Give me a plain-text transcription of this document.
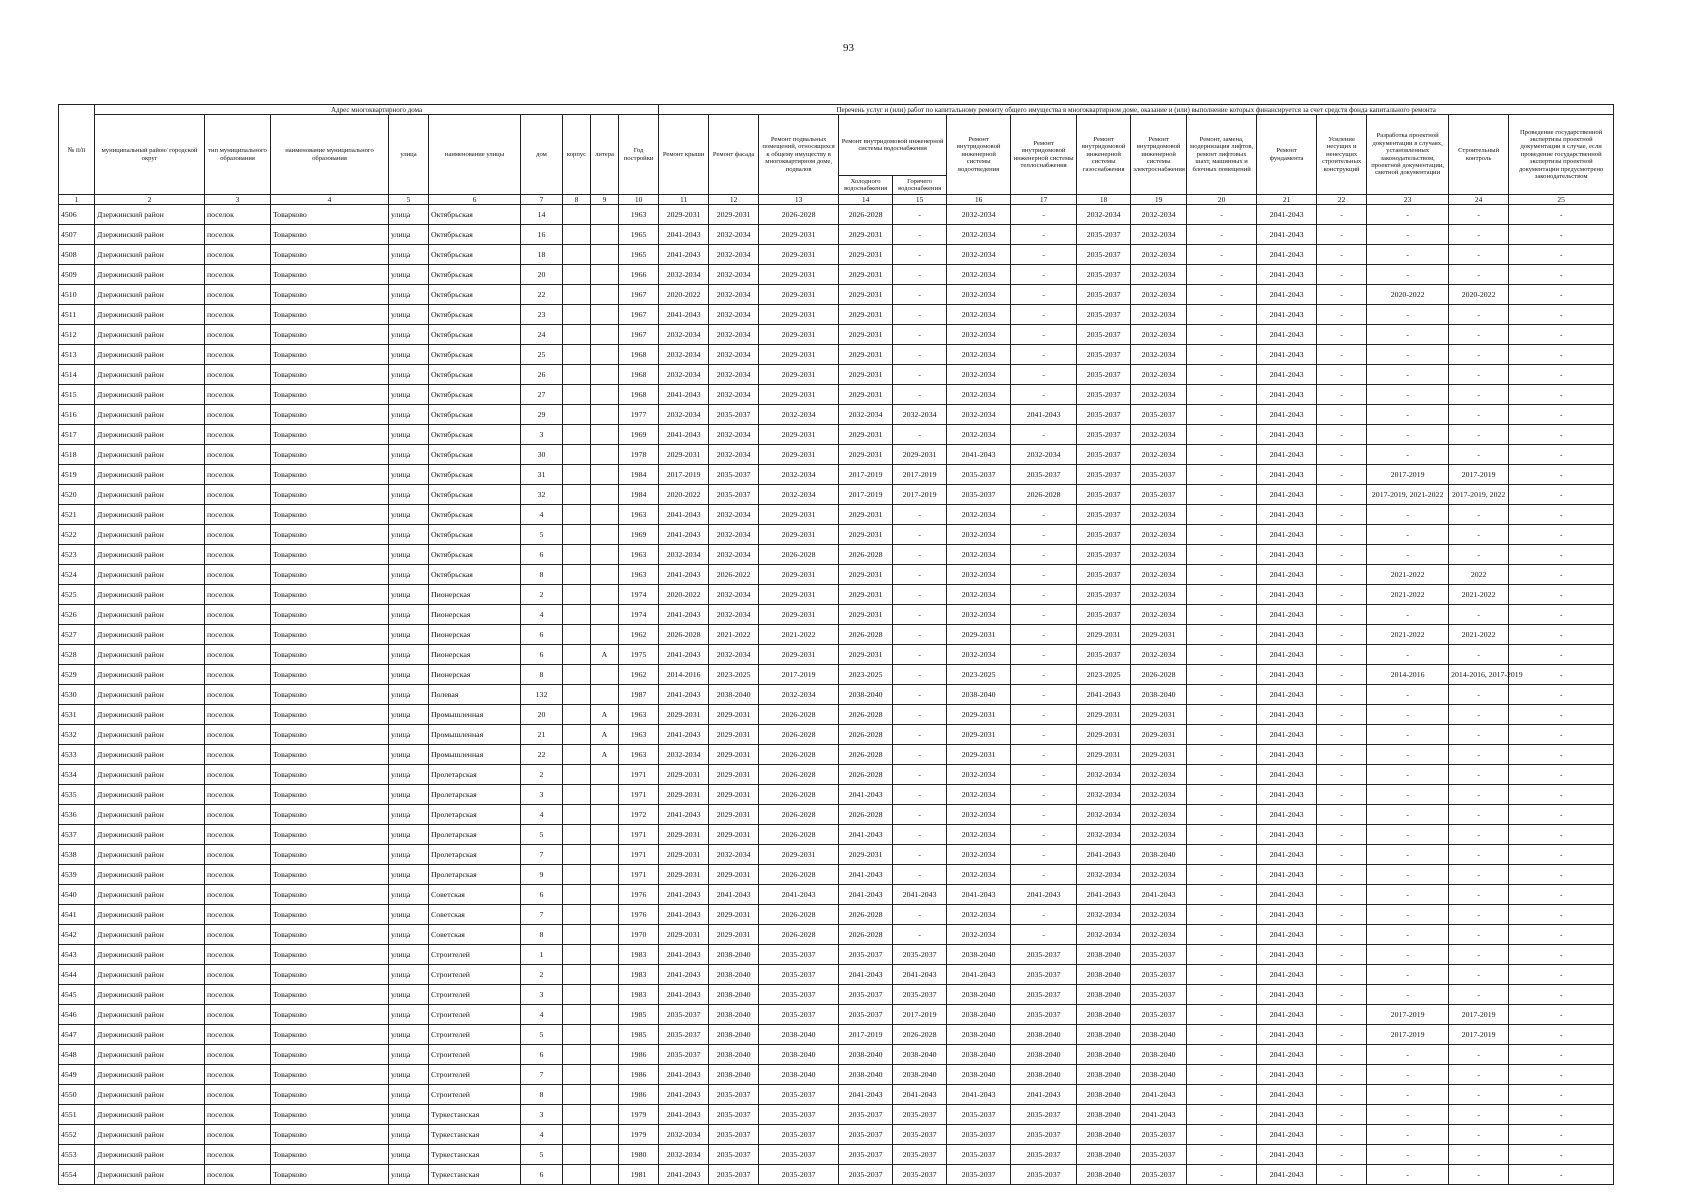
93
№ п/п	Адрес многоквартирного дома									Перечень услуг и (или) работ по капитальному ремонту общего имущества в многоквартирном доме, оказание и (или) выполнение которых финансируется за счет средств фонда капитального ремонта														
	муниципальный район/ городской округ	тип муниципального образования	наименование муниципального образования	улица	наименование улицы	дом	корпус	литера	Год постройки	Ремонт крыши	Ремонт фасада	Ремонт подвальных помещений, относящихся к общему имуществу в многоквартирном доме, подвалов	Ремонт внутридомовой инженерной системы водоснабжения		Ремонт внутридомовой инженерной системы водоотведения	Ремонт внутридомовой инженерной системы теплоснабжения	Ремонт внутридомовой инженерной системы газоснабжения	Ремонт внутридомовой инженерной системы электроснабжения	Ремонт, замена, модернизация лифтов, ремонт лифтовых шахт, машинных и блочных помещений	Ремонт фундамента	Усиление несущих и ненесущих строительных конструкций	Разработка проектной документации в случаях, установленных законодательством, проектной документации, сметной документации	Строительный контроль	Проведение государственной экспертизы проектной документации в случае, если проведение государственной экспертизы проектной документации предусмотрено законодательством
													Холодного водоснабжения	Горячего водоснабжения										
1	2	3	4	5	6	7	8	9	10	11	12	13	14	15	16	17	18	19	20	21	22	23	24	25
4506	Дзержинский район	поселок	Товарково	улица	Октябрьская	14			1963	2029-2031	2029-2031	2026-2028	2026-2028	-	2032-2034	-	2032-2034	2032-2034	-	2041-2043	-	-	-	-
4507	Дзержинский район	поселок	Товарково	улица	Октябрьская	16			1965	2041-2043	2032-2034	2029-2031	2029-2031	-	2032-2034	-	2035-2037	2032-2034	-	2041-2043	-	-	-	-
4508	Дзержинский район	поселок	Товарково	улица	Октябрьская	18			1965	2041-2043	2032-2034	2029-2031	2029-2031	-	2032-2034	-	2035-2037	2032-2034	-	2041-2043	-	-	-	-
4509	Дзержинский район	поселок	Товарково	улица	Октябрьская	20			1966	2032-2034	2032-2034	2029-2031	2029-2031	-	2032-2034	-	2035-2037	2032-2034	-	2041-2043	-	-	-	-
4510	Дзержинский район	поселок	Товарково	улица	Октябрьская	22			1967	2020-2022	2032-2034	2029-2031	2029-2031	-	2032-2034	-	2035-2037	2032-2034	-	2041-2043	-	2020-2022	2020-2022	-
4511	Дзержинский район	поселок	Товарково	улица	Октябрьская	23			1967	2041-2043	2032-2034	2029-2031	2029-2031	-	2032-2034	-	2035-2037	2032-2034	-	2041-2043	-	-	-	-
4512	Дзержинский район	поселок	Товарково	улица	Октябрьская	24			1967	2032-2034	2032-2034	2029-2031	2029-2031	-	2032-2034	-	2035-2037	2032-2034	-	2041-2043	-	-	-	-
4513	Дзержинский район	поселок	Товарково	улица	Октябрьская	25			1968	2032-2034	2032-2034	2029-2031	2029-2031	-	2032-2034	-	2035-2037	2032-2034	-	2041-2043	-	-	-	-
4514	Дзержинский район	поселок	Товарково	улица	Октябрьская	26			1968	2032-2034	2032-2034	2029-2031	2029-2031	-	2032-2034	-	2035-2037	2032-2034	-	2041-2043	-	-	-	-
4515	Дзержинский район	поселок	Товарково	улица	Октябрьская	27			1968	2041-2043	2032-2034	2029-2031	2029-2031	-	2032-2034	-	2035-2037	2032-2034	-	2041-2043	-	-	-	-
4516	Дзержинский район	поселок	Товарково	улица	Октябрьская	29			1977	2032-2034	2035-2037	2032-2034	2032-2034	2032-2034	2032-2034	2041-2043	2035-2037	2035-2037	-	2041-2043	-	-	-	-
4517	Дзержинский район	поселок	Товарково	улица	Октябрьская	3			1969	2041-2043	2032-2034	2029-2031	2029-2031	-	2032-2034	-	2035-2037	2032-2034	-	2041-2043	-	-	-	-
4518	Дзержинский район	поселок	Товарково	улица	Октябрьская	30			1978	2029-2031	2032-2034	2029-2031	2029-2031	2029-2031	2041-2043	2032-2034	2035-2037	2032-2034	-	2041-2043	-	-	-	-
4519	Дзержинский район	поселок	Товарково	улица	Октябрьская	31			1984	2017-2019	2035-2037	2032-2034	2017-2019	2017-2019	2035-2037	2035-2037	2035-2037	2035-2037	-	2041-2043	-	2017-2019	2017-2019	-
4520	Дзержинский район	поселок	Товарково	улица	Октябрьская	32			1984	2020-2022	2035-2037	2032-2034	2017-2019	2017-2019	2035-2037	2026-2028	2035-2037	2035-2037	-	2041-2043	-	2017-2019, 2021-2022	2017-2019, 2022	-
4521	Дзержинский район	поселок	Товарково	улица	Октябрьская	4			1963	2041-2043	2032-2034	2029-2031	2029-2031	-	2032-2034	-	2035-2037	2032-2034	-	2041-2043	-	-	-	-
4522	Дзержинский район	поселок	Товарково	улица	Октябрьская	5			1969	2041-2043	2032-2034	2029-2031	2029-2031	-	2032-2034	-	2035-2037	2032-2034	-	2041-2043	-	-	-	-
4523	Дзержинский район	поселок	Товарково	улица	Октябрьская	6			1963	2032-2034	2032-2034	2026-2028	2026-2028	-	2032-2034	-	2035-2037	2032-2034	-	2041-2043	-	-	-	-
4524	Дзержинский район	поселок	Товарково	улица	Октябрьская	8			1963	2041-2043	2026-2022	2029-2031	2029-2031	-	2032-2034	-	2035-2037	2032-2034	-	2041-2043	-	2021-2022	2022	-
4525	Дзержинский район	поселок	Товарково	улица	Пионерская	2			1974	2020-2022	2032-2034	2029-2031	2029-2031	-	2032-2034	-	2035-2037	2032-2034	-	2041-2043	-	2021-2022	2021-2022	-
4526	Дзержинский район	поселок	Товарково	улица	Пионерская	4			1974	2041-2043	2032-2034	2029-2031	2029-2031	-	2032-2034	-	2035-2037	2032-2034	-	2041-2043	-	-	-	-
4527	Дзержинский район	поселок	Товарково	улица	Пионерская	6			1962	2026-2028	2021-2022	2021-2022	2026-2028	-	2029-2031	-	2029-2031	2029-2031	-	2041-2043	-	2021-2022	2021-2022	-
4528	Дзержинский район	поселок	Товарково	улица	Пионерская	6		А	1975	2041-2043	2032-2034	2029-2031	2029-2031	-	2032-2034	-	2035-2037	2032-2034	-	2041-2043	-	-	-	-
4529	Дзержинский район	поселок	Товарково	улица	Пионерская	8			1962	2014-2016	2023-2025	2017-2019	2023-2025	-	2023-2025	-	2023-2025	2026-2028	-	2041-2043	-	2014-2016	2014-2016, 2017-2019	-
4530	Дзержинский район	поселок	Товарково	улица	Полевая	132			1987	2041-2043	2038-2040	2032-2034	2038-2040	-	2038-2040	-	2041-2043	2038-2040	-	2041-2043	-	-	-	-
4531	Дзержинский район	поселок	Товарково	улица	Промышленная	20		А	1963	2029-2031	2029-2031	2026-2028	2026-2028	-	2029-2031	-	2029-2031	2029-2031	-	2041-2043	-	-	-	-
4532	Дзержинский район	поселок	Товарково	улица	Промышленная	21		А	1963	2041-2043	2029-2031	2026-2028	2026-2028	-	2029-2031	-	2029-2031	2029-2031	-	2041-2043	-	-	-	-
4533	Дзержинский район	поселок	Товарково	улица	Промышленная	22		А	1963	2032-2034	2029-2031	2026-2028	2026-2028	-	2029-2031	-	2029-2031	2029-2031	-	2041-2043	-	-	-	-
4534	Дзержинский район	поселок	Товарково	улица	Пролетарская	2			1971	2029-2031	2029-2031	2026-2028	2026-2028	-	2032-2034	-	2032-2034	2032-2034	-	2041-2043	-	-	-	-
4535	Дзержинский район	поселок	Товарково	улица	Пролетарская	3			1971	2029-2031	2029-2031	2026-2028	2041-2043	-	2032-2034	-	2032-2034	2032-2034	-	2041-2043	-	-	-	-
4536	Дзержинский район	поселок	Товарково	улица	Пролетарская	4			1972	2041-2043	2029-2031	2026-2028	2026-2028	-	2032-2034	-	2032-2034	2032-2034	-	2041-2043	-	-	-	-
4537	Дзержинский район	поселок	Товарково	улица	Пролетарская	5			1971	2029-2031	2029-2031	2026-2028	2041-2043	-	2032-2034	-	2032-2034	2032-2034	-	2041-2043	-	-	-	-
4538	Дзержинский район	поселок	Товарково	улица	Пролетарская	7			1971	2029-2031	2032-2034	2029-2031	2029-2031	-	2032-2034	-	2041-2043	2038-2040	-	2041-2043	-	-	-	-
4539	Дзержинский район	поселок	Товарково	улица	Пролетарская	9			1971	2029-2031	2029-2031	2026-2028	2041-2043	-	2032-2034	-	2032-2034	2032-2034	-	2041-2043	-	-	-	-
4540	Дзержинский район	поселок	Товарково	улица	Советская	6			1976	2041-2043	2041-2043	2041-2043	2041-2043	2041-2043	2041-2043	2041-2043	2041-2043	2041-2043	-	2041-2043	-	-	-	-
4541	Дзержинский район	поселок	Товарково	улица	Советская	7			1976	2041-2043	2029-2031	2026-2028	2026-2028	-	2032-2034	-	2032-2034	2032-2034	-	2041-2043	-	-	-	-
4542	Дзержинский район	поселок	Товарково	улица	Советская	8			1970	2029-2031	2029-2031	2026-2028	2026-2028	-	2032-2034	-	2032-2034	2032-2034	-	2041-2043	-	-	-	-
4543	Дзержинский район	поселок	Товарково	улица	Строителей	1			1983	2041-2043	2038-2040	2035-2037	2035-2037	2035-2037	2038-2040	2035-2037	2038-2040	2035-2037	-	2041-2043	-	-	-	-
4544	Дзержинский район	поселок	Товарково	улица	Строителей	2			1983	2041-2043	2038-2040	2035-2037	2041-2043	2041-2043	2041-2043	2035-2037	2038-2040	2035-2037	-	2041-2043	-	-	-	-
4545	Дзержинский район	поселок	Товарково	улица	Строителей	3			1983	2041-2043	2038-2040	2035-2037	2035-2037	2035-2037	2038-2040	2035-2037	2038-2040	2035-2037	-	2041-2043	-	-	-	-
4546	Дзержинский район	поселок	Товарково	улица	Строителей	4			1985	2035-2037	2038-2040	2035-2037	2035-2037	2017-2019	2038-2040	2035-2037	2038-2040	2035-2037	-	2041-2043	-	2017-2019	2017-2019	-
4547	Дзержинский район	поселок	Товарково	улица	Строителей	5			1985	2035-2037	2038-2040	2038-2040	2017-2019	2026-2028	2038-2040	2038-2040	2038-2040	2038-2040	-	2041-2043	-	2017-2019	2017-2019	-
4548	Дзержинский район	поселок	Товарково	улица	Строителей	6			1986	2035-2037	2038-2040	2038-2040	2038-2040	2038-2040	2038-2040	2038-2040	2038-2040	2038-2040	-	2041-2043	-	-	-	-
4549	Дзержинский район	поселок	Товарково	улица	Строителей	7			1986	2041-2043	2038-2040	2038-2040	2038-2040	2038-2040	2038-2040	2038-2040	2038-2040	2038-2040	-	2041-2043	-	-	-	-
4550	Дзержинский район	поселок	Товарково	улица	Строителей	8			1986	2041-2043	2035-2037	2035-2037	2041-2043	2041-2043	2041-2043	2041-2043	2038-2040	2041-2043	-	2041-2043	-	-	-	-
4551	Дзержинский район	поселок	Товарково	улица	Туркестанская	3			1979	2041-2043	2035-2037	2035-2037	2035-2037	2035-2037	2035-2037	2035-2037	2038-2040	2041-2043	-	2041-2043	-	-	-	-
4552	Дзержинский район	поселок	Товарково	улица	Туркестанская	4			1979	2032-2034	2035-2037	2035-2037	2035-2037	2035-2037	2035-2037	2035-2037	2038-2040	2035-2037	-	2041-2043	-	-	-	-
4553	Дзержинский район	поселок	Товарково	улица	Туркестанская	5			1980	2032-2034	2035-2037	2035-2037	2035-2037	2035-2037	2035-2037	2035-2037	2038-2040	2035-2037	-	2041-2043	-	-	-	-
4554	Дзержинский район	поселок	Товарково	улица	Туркестанская	6			1981	2041-2043	2035-2037	2035-2037	2035-2037	2035-2037	2035-2037	2035-2037	2038-2040	2035-2037	-	2041-2043	-	-	-	-
